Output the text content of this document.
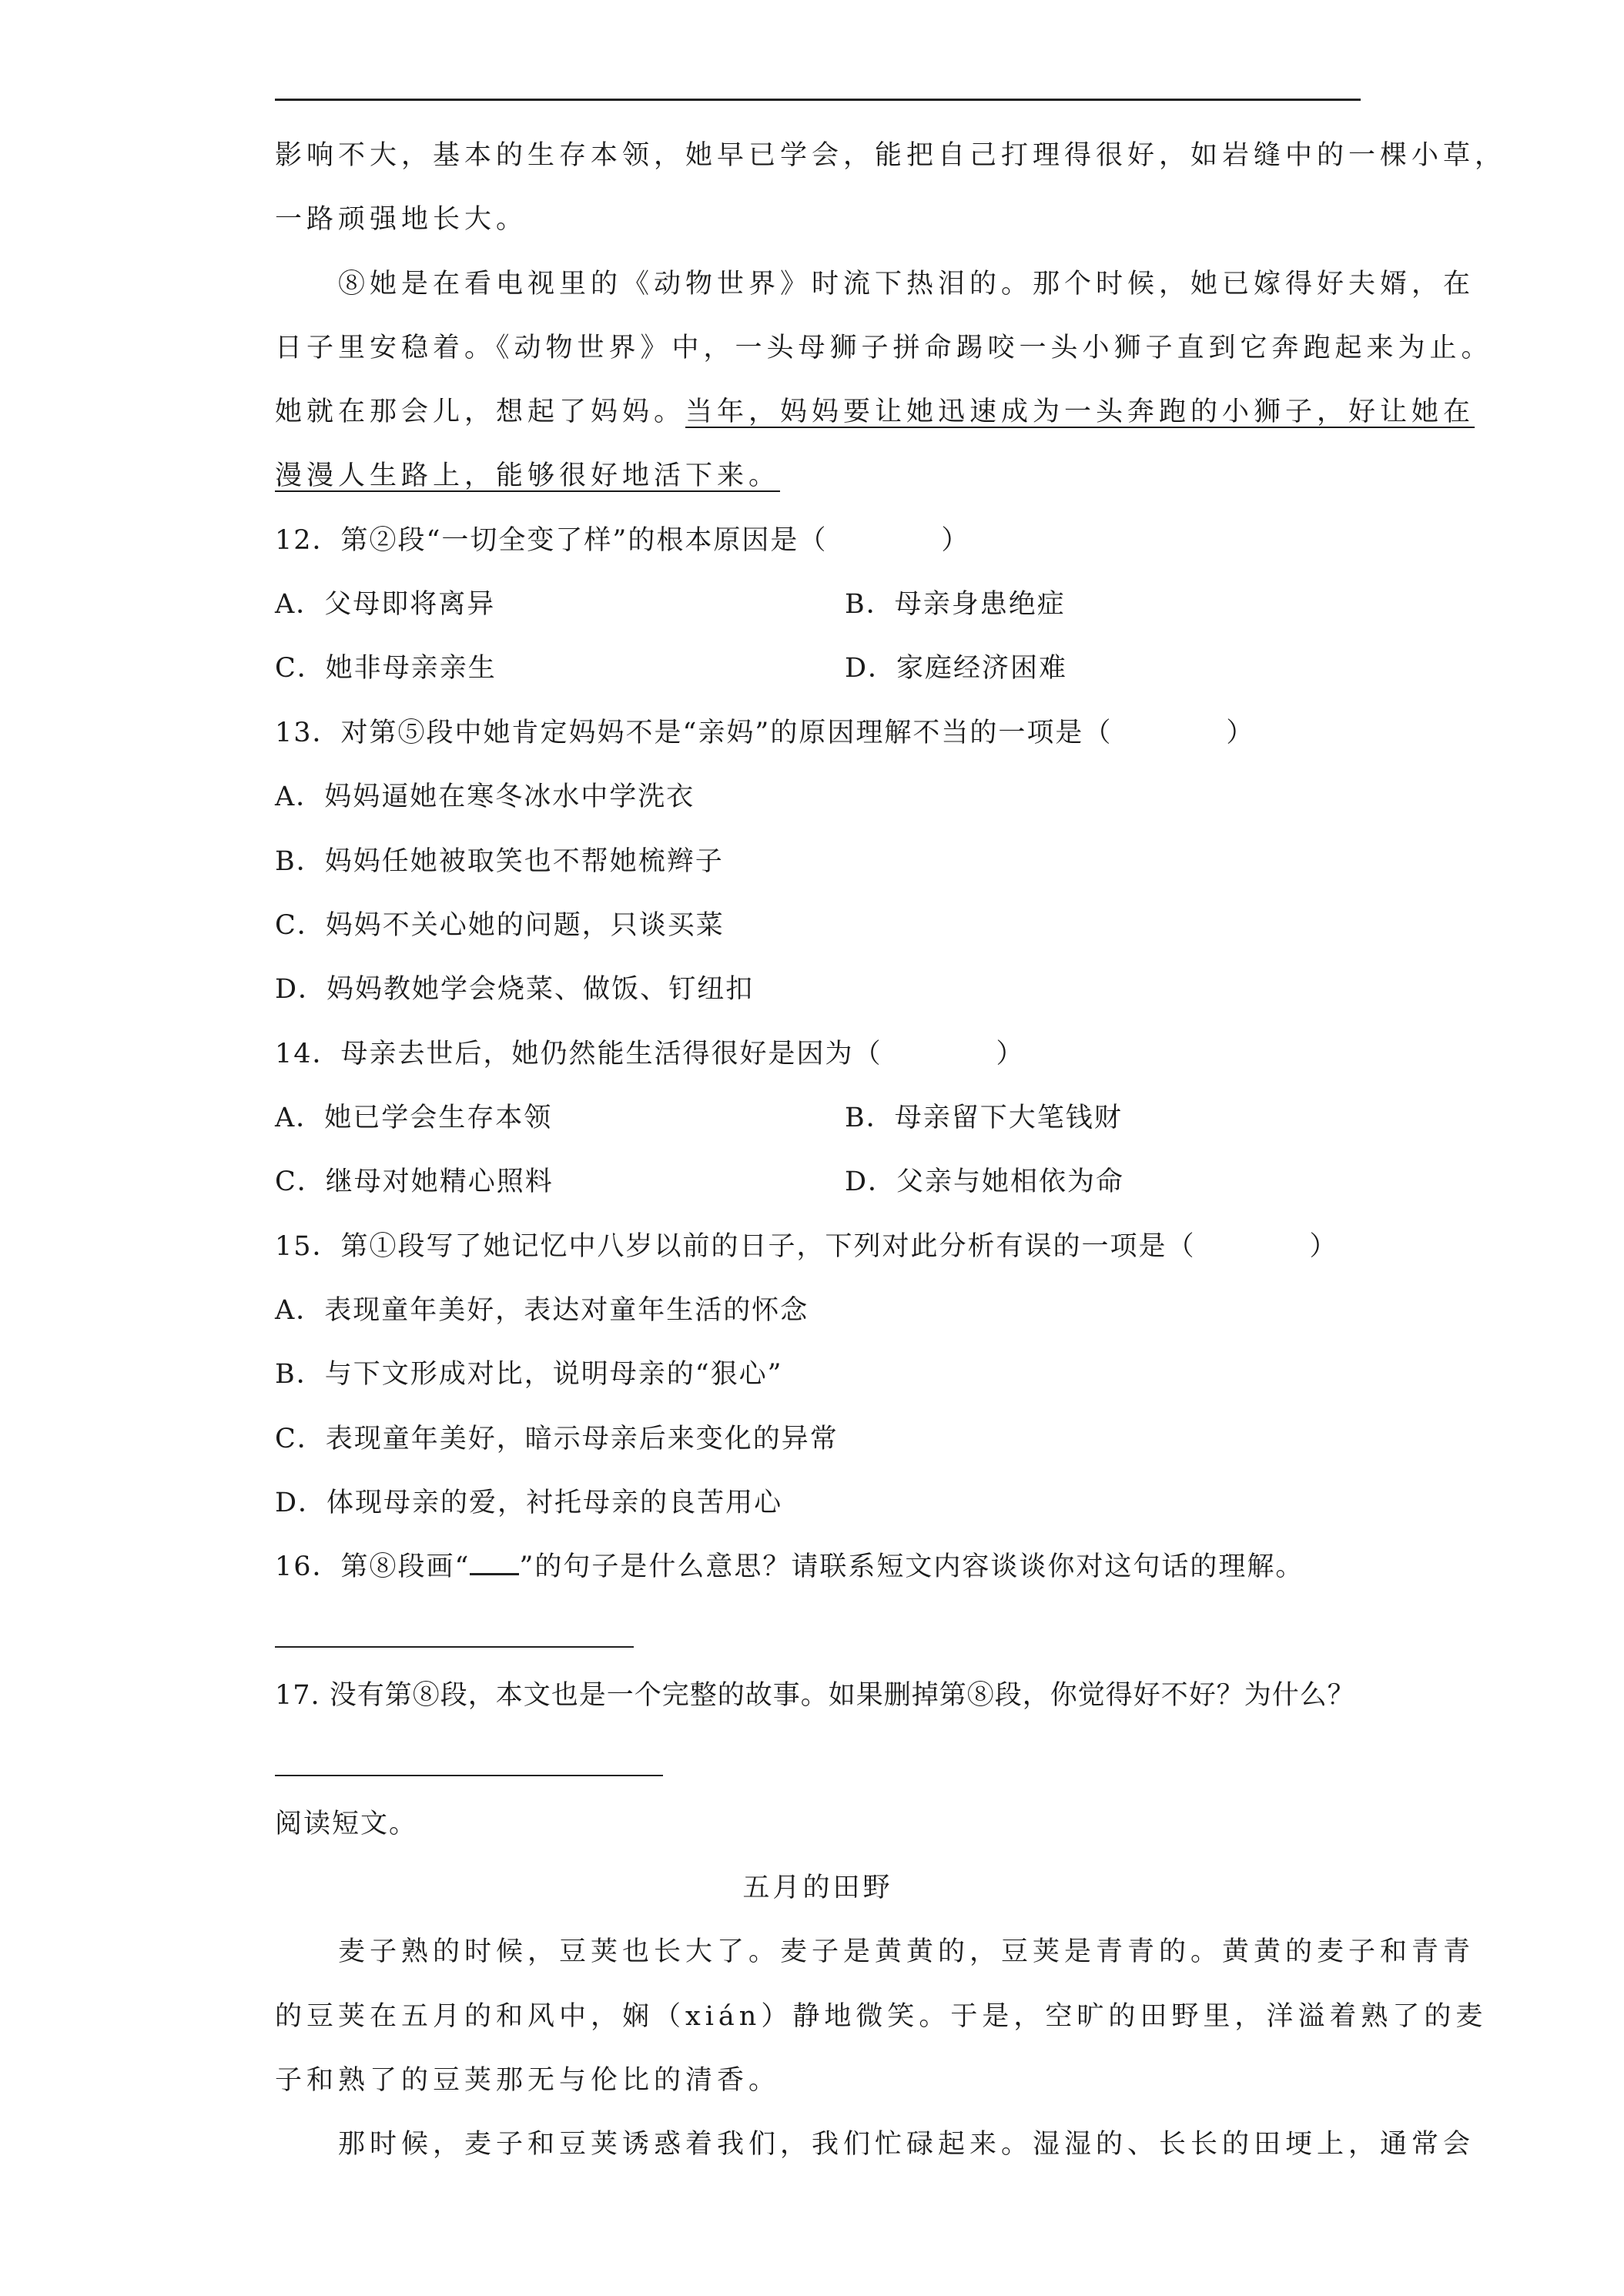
影响不大，基本的生存本领，她早已学会，能把自己打理得很好，如岩缝中的一棵小草，
一路顽强地长大。
⑧她是在看电视里的《动物世界》时流下热泪的。那个时候，她已嫁得好夫婿，在
日子里安稳着。《动物世界》中，一头母狮子拼命踢咬一头小狮子直到它奔跑起来为止。
她就在那会儿，想起了妈妈。当年，妈妈要让她迅速成为一头奔跑的小狮子，好让她在
漫漫人生路上，能够很好地活下来。
12．第②段“一切全变了样”的根本原因是（　　　　）
A．父母即将离异	B．母亲身患绝症
C．她非母亲亲生	D．家庭经济困难
13．对第⑤段中她肯定妈妈不是“亲妈”的原因理解不当的一项是（　　　　）
A．妈妈逼她在寒冬冰水中学洗衣
B．妈妈任她被取笑也不帮她梳辫子
C．妈妈不关心她的问题，只谈买菜
D．妈妈教她学会烧菜、做饭、钉纽扣
14．母亲去世后，她仍然能生活得很好是因为（　　　　）
A．她已学会生存本领	B．母亲留下大笔钱财
C．继母对她精心照料	D．父亲与她相依为命
15．第①段写了她记忆中八岁以前的日子，下列对此分析有误的一项是（　　　　）
A．表现童年美好，表达对童年生活的怀念
B．与下文形成对比，说明母亲的“狠心”
C．表现童年美好，暗示母亲后来变化的异常
D．体现母亲的爱，衬托母亲的良苦用心
16．第⑧段画“ ”的句子是什么意思？请联系短文内容谈谈你对这句话的理解。
17. 没有第⑧段，本文也是一个完整的故事。如果删掉第⑧段，你觉得好不好？为什么？
阅读短文。
五月的田野
麦子熟的时候，豆荚也长大了。麦子是黄黄的，豆荚是青青的。黄黄的麦子和青青
的豆荚在五月的和风中，娴（xián）静地微笑。于是，空旷的田野里，洋溢着熟了的麦
子和熟了的豆荚那无与伦比的清香。
那时候，麦子和豆荚诱惑着我们，我们忙碌起来。湿湿的、长长的田埂上，通常会
